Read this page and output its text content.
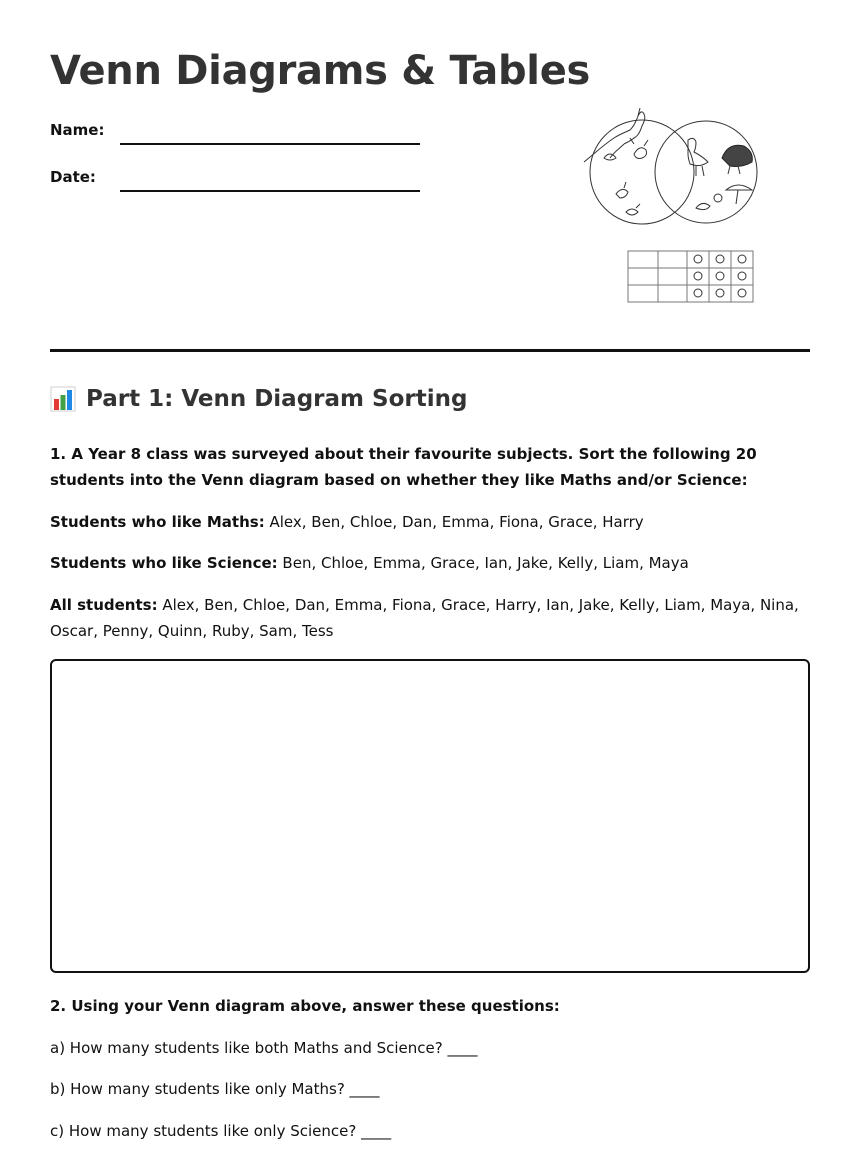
Venn Diagrams & Tables
Name:
Date:
Part 1: Venn Diagram Sorting

1. A Year 8 class was surveyed about their favourite subjects. Sort the following 20 students into the Venn diagram based on whether they like Maths and/or Science:

Students who like Maths: Alex, Ben, Chloe, Dan, Emma, Fiona, Grace, Harry

Students who like Science: Ben, Chloe, Emma, Grace, Ian, Jake, Kelly, Liam, Maya

All students: Alex, Ben, Chloe, Dan, Emma, Fiona, Grace, Harry, Ian, Jake, Kelly, Liam, Maya, Nina, Oscar, Penny, Quinn, Ruby, Sam, Tess

2. Using your Venn diagram above, answer these questions:

a) How many students like both Maths and Science? ____

b) How many students like only Maths? ____

c) How many students like only Science? ____
